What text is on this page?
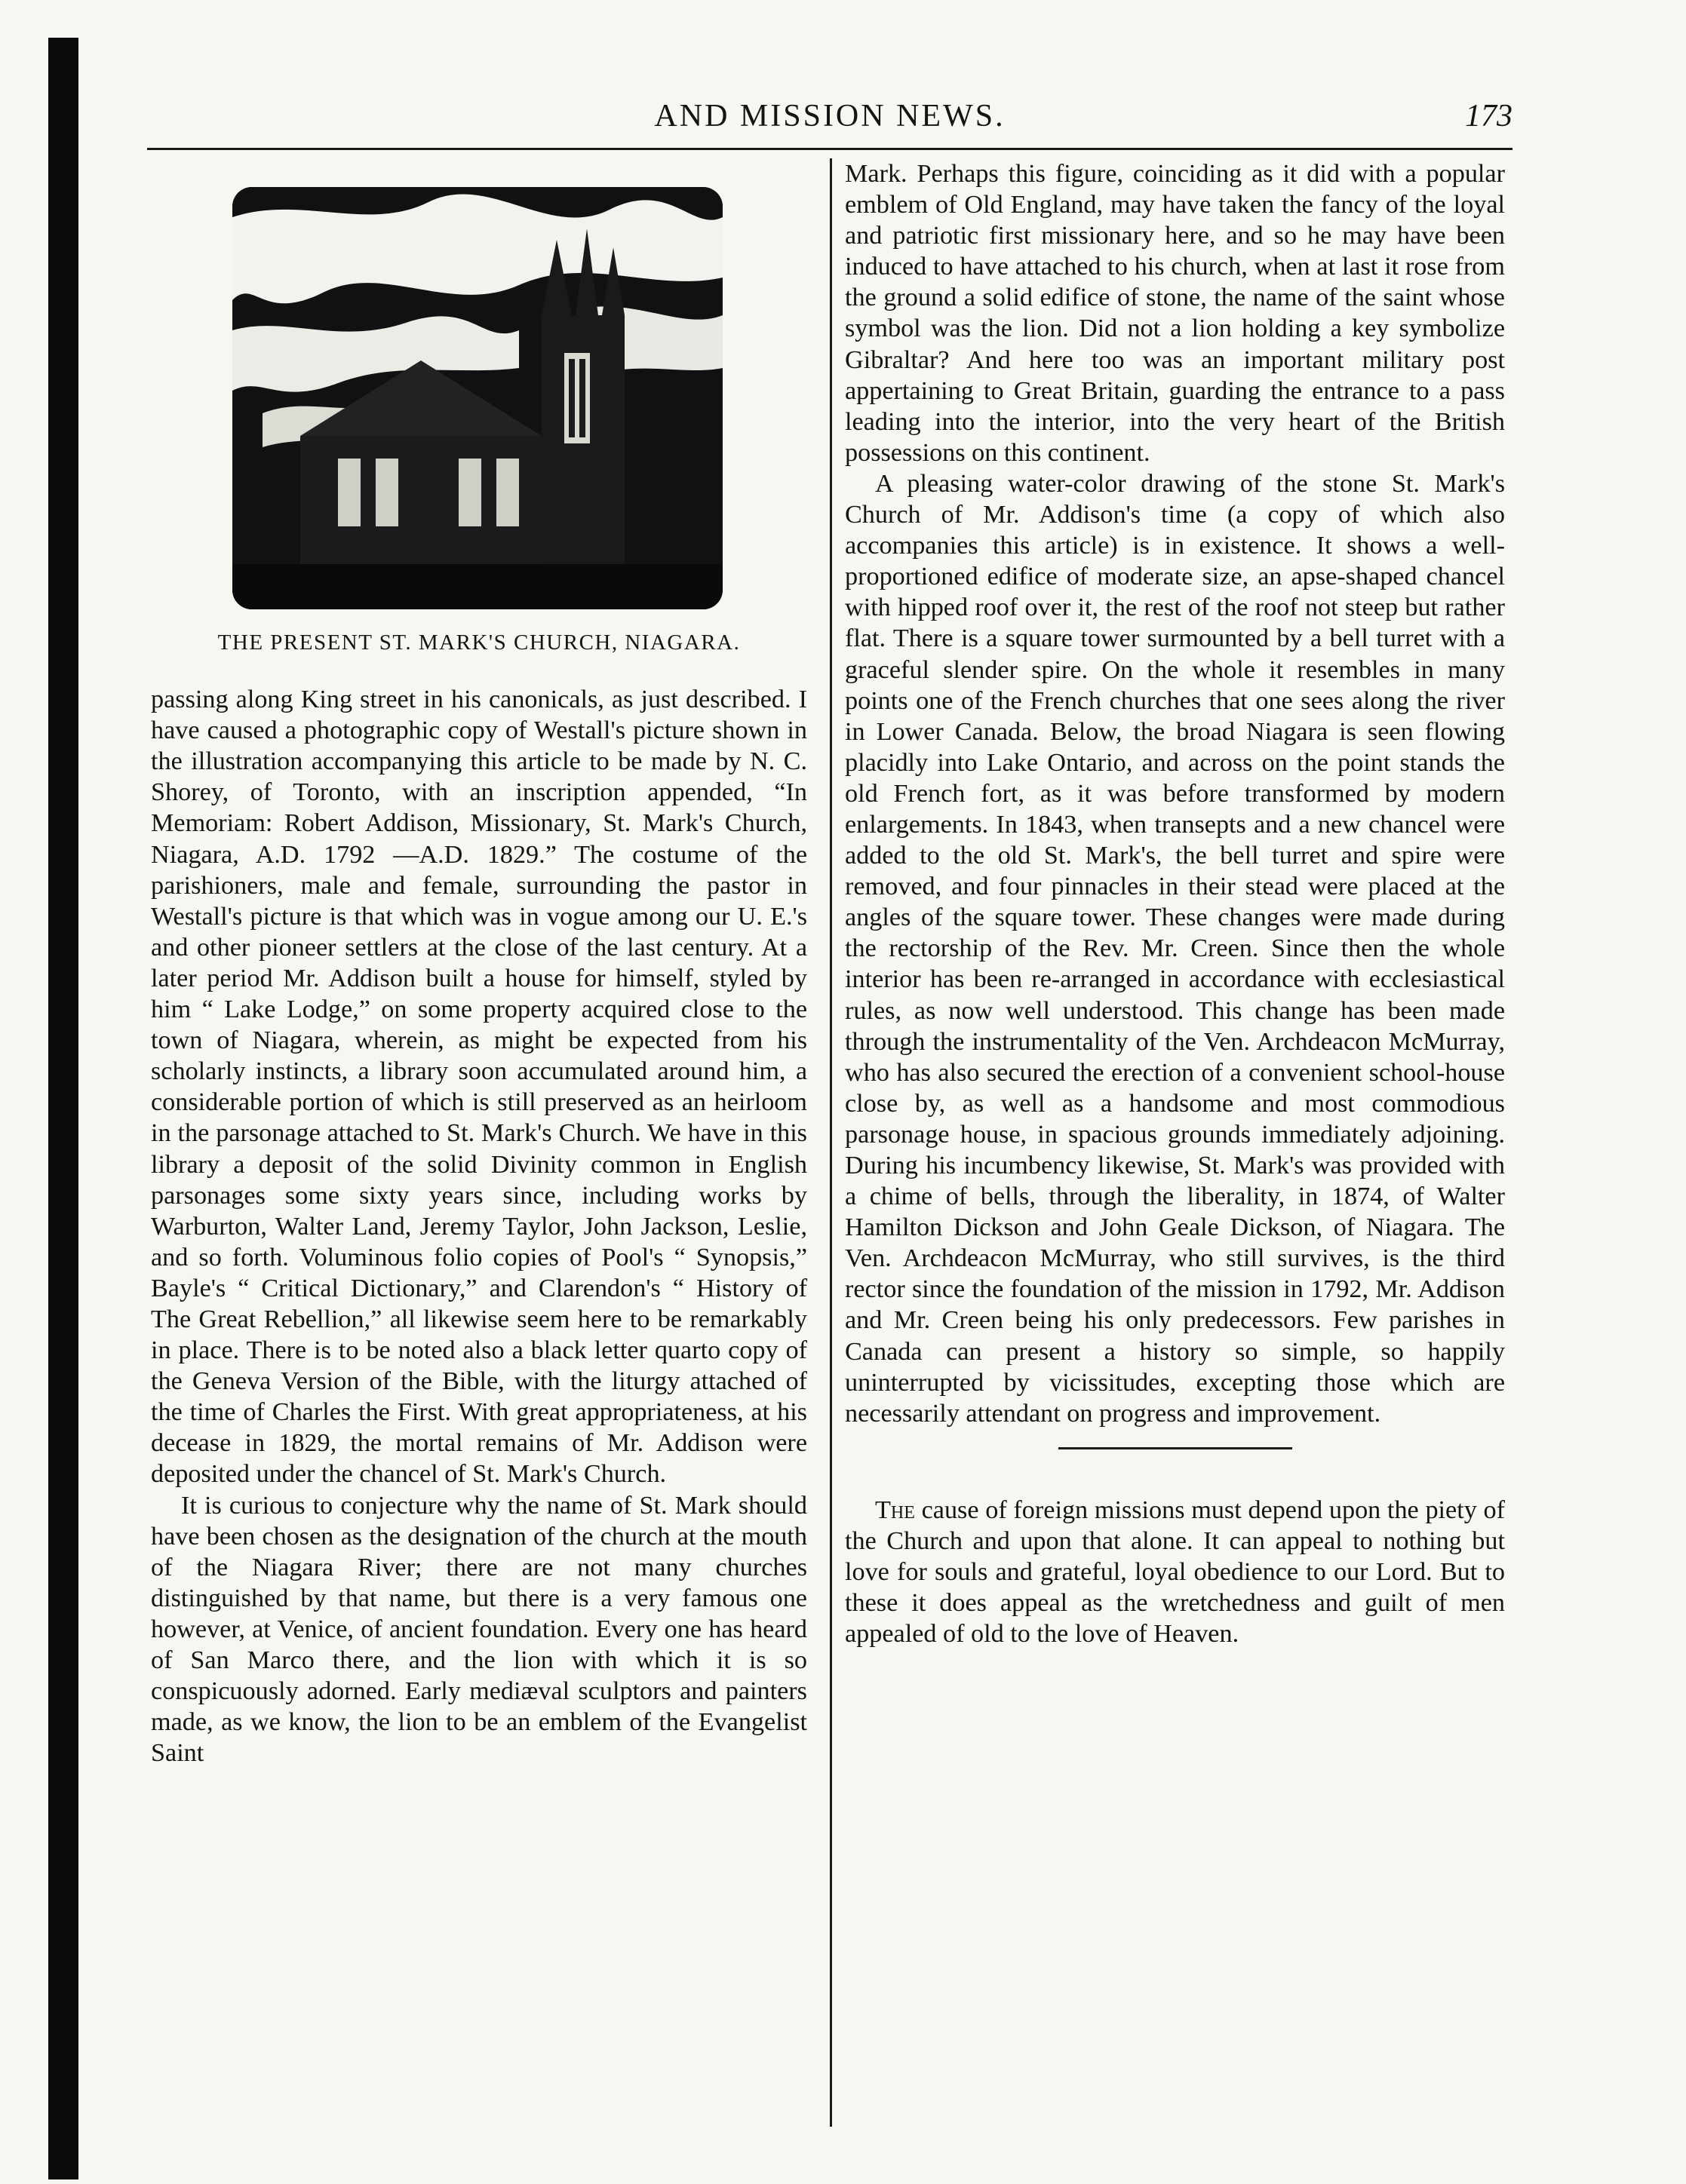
AND MISSION NEWS.	173
THE PRESENT ST. MARK'S CHURCH, NIAGARA.

passing along King street in his canonicals, as just described. I have caused a photographic copy of Westall's picture shown in the illustration accompanying this article to be made by N. C. Shorey, of Toronto, with an inscription appended, “In Memoriam: Robert Addison, Missionary, St. Mark's Church, Niagara, A.D. 1792 —A.D. 1829.” The costume of the parishioners, male and female, surrounding the pastor in Westall's picture is that which was in vogue among our U. E.'s and other pioneer settlers at the close of the last century. At a later period Mr. Addison built a house for himself, styled by him “ Lake Lodge,” on some property acquired close to the town of Niagara, wherein, as might be expected from his scholarly instincts, a library soon accumulated around him, a considerable portion of which is still preserved as an heirloom in the parsonage attached to St. Mark's Church. We have in this library a deposit of the solid Divinity common in English parsonages some sixty years since, including works by Warburton, Walter Land, Jeremy Taylor, John Jackson, Leslie, and so forth. Voluminous folio copies of Pool's “ Synopsis,” Bayle's “ Critical Dictionary,” and Clarendon's “ History of The Great Rebellion,” all likewise seem here to be remarkably in place. There is to be noted also a black letter quarto copy of the Geneva Version of the Bible, with the liturgy attached of the time of Charles the First. With great appropriateness, at his decease in 1829, the mortal remains of Mr. Addison were deposited under the chancel of St. Mark's Church.

It is curious to conjecture why the name of St. Mark should have been chosen as the designation of the church at the mouth of the Niagara River; there are not many churches distinguished by that name, but there is a very famous one however, at Venice, of ancient foundation. Every one has heard of San Marco there, and the lion with which it is so conspicuously adorned. Early mediæval sculptors and painters made, as we know, the lion to be an emblem of the Evangelist Saint

Mark. Perhaps this figure, coinciding as it did with a popular emblem of Old England, may have taken the fancy of the loyal and patriotic first missionary here, and so he may have been induced to have attached to his church, when at last it rose from the ground a solid edifice of stone, the name of the saint whose symbol was the lion. Did not a lion holding a key symbolize Gibraltar? And here too was an important military post appertaining to Great Britain, guarding the entrance to a pass leading into the interior, into the very heart of the British possessions on this continent.

A pleasing water-color drawing of the stone St. Mark's Church of Mr. Addison's time (a copy of which also accompanies this article) is in existence. It shows a well-proportioned edifice of moderate size, an apse-shaped chancel with hipped roof over it, the rest of the roof not steep but rather flat. There is a square tower surmounted by a bell turret with a graceful slender spire. On the whole it resembles in many points one of the French churches that one sees along the river in Lower Canada. Below, the broad Niagara is seen flowing placidly into Lake Ontario, and across on the point stands the old French fort, as it was before transformed by modern enlargements. In 1843, when transepts and a new chancel were added to the old St. Mark's, the bell turret and spire were removed, and four pinnacles in their stead were placed at the angles of the square tower. These changes were made during the rectorship of the Rev. Mr. Creen. Since then the whole interior has been re-arranged in accordance with ecclesiastical rules, as now well understood. This change has been made through the instrumentality of the Ven. Archdeacon McMurray, who has also secured the erection of a convenient school-house close by, as well as a handsome and most commodious parsonage house, in spacious grounds immediately adjoining. During his incumbency likewise, St. Mark's was provided with a chime of bells, through the liberality, in 1874, of Walter Hamilton Dickson and John Geale Dickson, of Niagara. The Ven. Archdeacon McMurray, who still survives, is the third rector since the foundation of the mission in 1792, Mr. Addison and Mr. Creen being his only predecessors. Few parishes in Canada can present a history so simple, so happily uninterrupted by vicissitudes, excepting those which are necessarily attendant on progress and improvement.

The cause of foreign missions must depend upon the piety of the Church and upon that alone. It can appeal to nothing but love for souls and grateful, loyal obedience to our Lord. But to these it does appeal as the wretchedness and guilt of men appealed of old to the love of Heaven.
